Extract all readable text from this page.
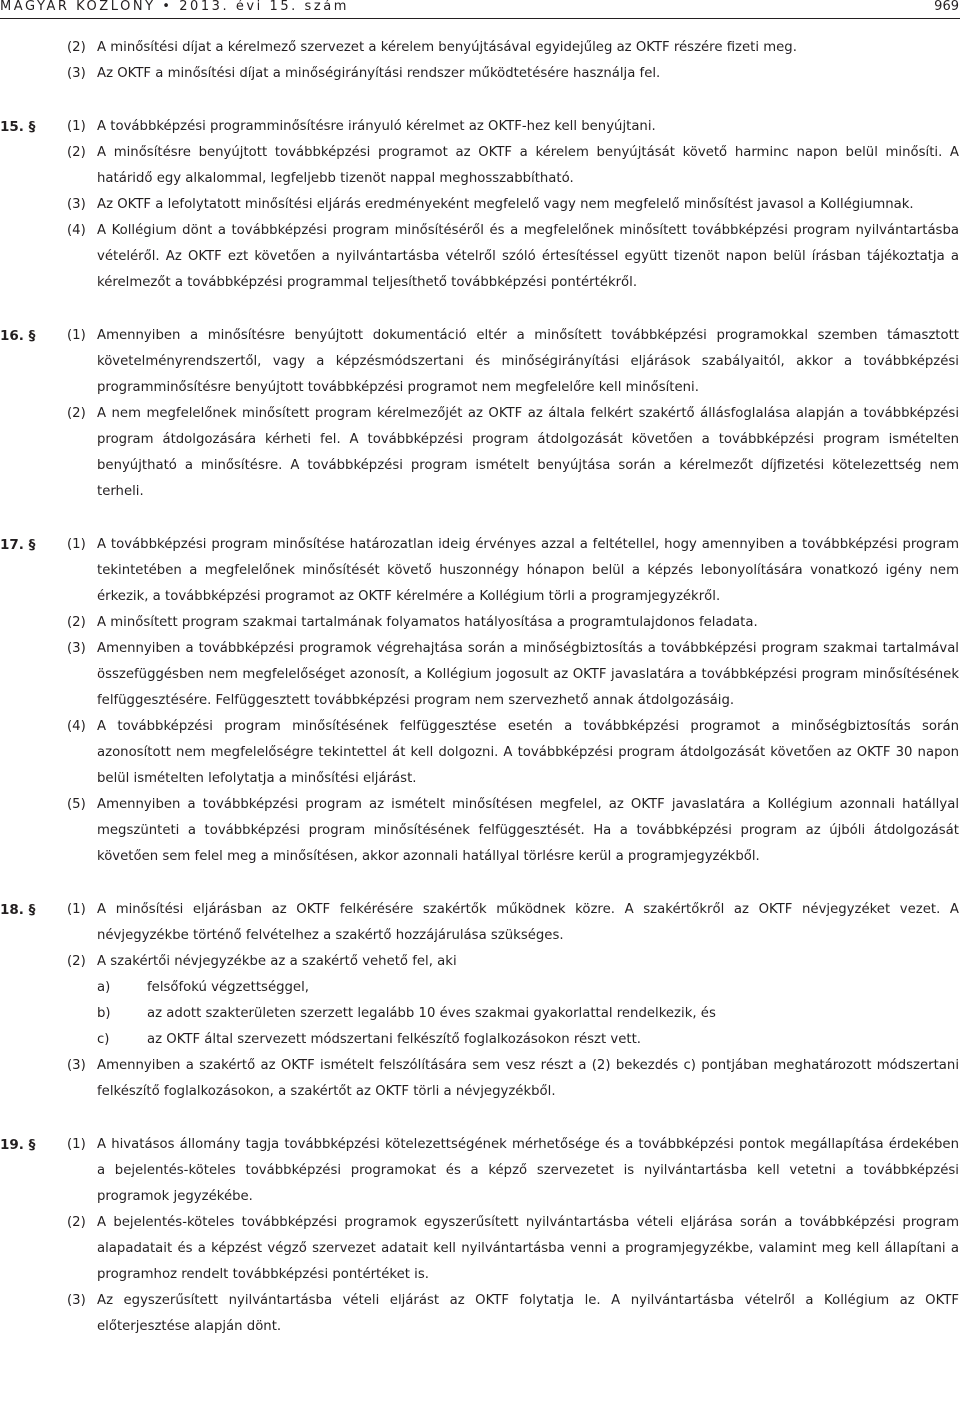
MAGYAR KÖZLÖNY • 2013. évi 15. szám	969
(2) A minősítési díjat a kérelmező szervezet a kérelem benyújtásával egyidejűleg az OKTF részére fizeti meg.
(3) Az OKTF a minősítési díjat a minőségirányítási rendszer működtetésére használja fel.
15. § (1) A továbbképzési programminősítésre irányuló kérelmet az OKTF-hez kell benyújtani.
(2) A minősítésre benyújtott továbbképzési programot az OKTF a kérelem benyújtását követő harminc napon belül minősíti. A határidő egy alkalommal, legfeljebb tizenöt nappal meghosszabbítható.
(3) Az OKTF a lefolytatott minősítési eljárás eredményeként megfelelő vagy nem megfelelő minősítést javasol a Kollégiumnak.
(4) A Kollégium dönt a továbbképzési program minősítéséről és a megfelelőnek minősített továbbképzési program nyilvántartásba vételéről. Az OKTF ezt követően a nyilvántartásba vételről szóló értesítéssel együtt tizenöt napon belül írásban tájékoztatja a kérelmezőt a továbbképzési programmal teljesíthető továbbképzési pontértékről.
16. § (1) Amennyiben a minősítésre benyújtott dokumentáció eltér a minősített továbbképzési programokkal szemben támasztott követelményrendszertől, vagy a képzésmódszertani és minőségirányítási eljárások szabályaitól, akkor a továbbképzési programminősítésre benyújtott továbbképzési programot nem megfelelőre kell minősíteni.
(2) A nem megfelelőnek minősített program kérelmezőjét az OKTF az általa felkért szakértő állásfoglalása alapján a továbbképzési program átdolgozására kérheti fel. A továbbképzési program átdolgozását követően a továbbképzési program ismételten benyújtható a minősítésre. A továbbképzési program ismételt benyújtása során a kérelmezőt díjfizetési kötelezettség nem terheli.
17. § (1) A továbbképzési program minősítése határozatlan ideig érvényes azzal a feltétellel, hogy amennyiben a továbbképzési program tekintetében a megfelelőnek minősítését követő huszonnégy hónapon belül a képzés lebonyolítására vonatkozó igény nem érkezik, a továbbképzési programot az OKTF kérelmére a Kollégium törli a programjegyzékről.
(2) A minősített program szakmai tartalmának folyamatos hatályosítása a programtulajdonos feladata.
(3) Amennyiben a továbbképzési programok végrehajtása során a minőségbiztosítás a továbbképzési program szakmai tartalmával összefüggésben nem megfelelőséget azonosít, a Kollégium jogosult az OKTF javaslatára a továbbképzési program minősítésének felfüggesztésére. Felfüggesztett továbbképzési program nem szervezhető annak átdolgozásáig.
(4) A továbbképzési program minősítésének felfüggesztése esetén a továbbképzési programot a minőségbiztosítás során azonosított nem megfelelőségre tekintettel át kell dolgozni. A továbbképzési program átdolgozását követően az OKTF 30 napon belül ismételten lefolytatja a minősítési eljárást.
(5) Amennyiben a továbbképzési program az ismételt minősítésen megfelel, az OKTF javaslatára a Kollégium azonnali hatállyal megszünteti a továbbképzési program minősítésének felfüggesztését. Ha a továbbképzési program az újbóli átdolgozását követően sem felel meg a minősítésen, akkor azonnali hatállyal törlésre kerül a programjegyzékből.
18. § (1) A minősítési eljárásban az OKTF felkérésére szakértők működnek közre. A szakértőkről az OKTF névjegyzéket vezet. A névjegyzékbe történő felvételhez a szakértő hozzájárulása szükséges.
(2) A szakértői névjegyzékbe az a szakértő vehető fel, aki
a)	felsőfokú végzettséggel,
b)	az adott szakterületen szerzett legalább 10 éves szakmai gyakorlattal rendelkezik, és
c)	az OKTF által szervezett módszertani felkészítő foglalkozásokon részt vett.
(3) Amennyiben a szakértő az OKTF ismételt felszólítására sem vesz részt a (2) bekezdés c) pontjában meghatározott módszertani felkészítő foglalkozásokon, a szakértőt az OKTF törli a névjegyzékből.
19. § (1) A hivatásos állomány tagja továbbképzési kötelezettségének mérhetősége és a továbbképzési pontok megállapítása érdekében a bejelentés-köteles továbbképzési programokat és a képző szervezetet is nyilvántartásba kell vetetni a továbbképzési programok jegyzékébe.
(2) A bejelentés-köteles továbbképzési programok egyszerűsített nyilvántartásba vételi eljárása során a továbbképzési program alapadatait és a képzést végző szervezet adatait kell nyilvántartásba venni a programjegyzékbe, valamint meg kell állapítani a programhoz rendelt továbbképzési pontértéket is.
(3) Az egyszerűsített nyilvántartásba vételi eljárást az OKTF folytatja le. A nyilvántartásba vételről a Kollégium az OKTF előterjesztése alapján dönt.
